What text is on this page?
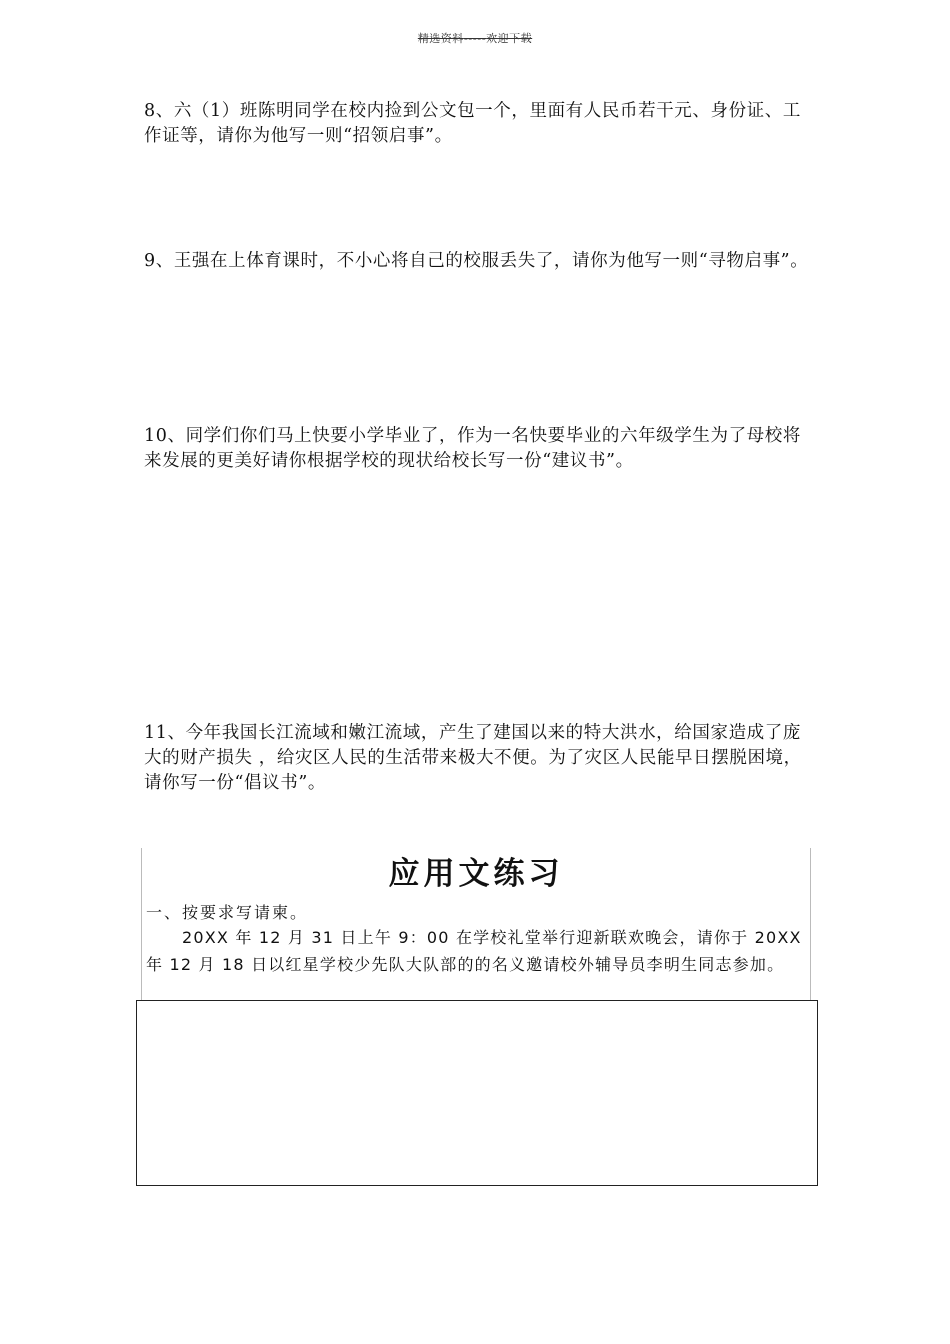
精选资料-----欢迎下载
8、六（1）班陈明同学在校内捡到公文包一个，里面有人民币若干元、身份证、工作证等，请你为他写一则“招领启事”。
9、王强在上体育课时，不小心将自己的校服丢失了，请你为他写一则“寻物启事”。
10、同学们你们马上快要小学毕业了，作为一名快要毕业的六年级学生为了母校将来发展的更美好请你根据学校的现状给校长写一份“建议书”。
11、今年我国长江流域和嫩江流域，产生了建国以来的特大洪水，给国家造成了庞大的财产损失 ，给灾区人民的生活带来极大不便。为了灾区人民能早日摆脱困境，请你写一份“倡议书”。
应用文练习
一、按要求写请柬。
20XX 年 12 月 31 日上午 9：00 在学校礼堂举行迎新联欢晚会，请你于 20XX 年 12 月 18 日以红星学校少先队大队部的的名义邀请校外辅导员李明生同志参加。
